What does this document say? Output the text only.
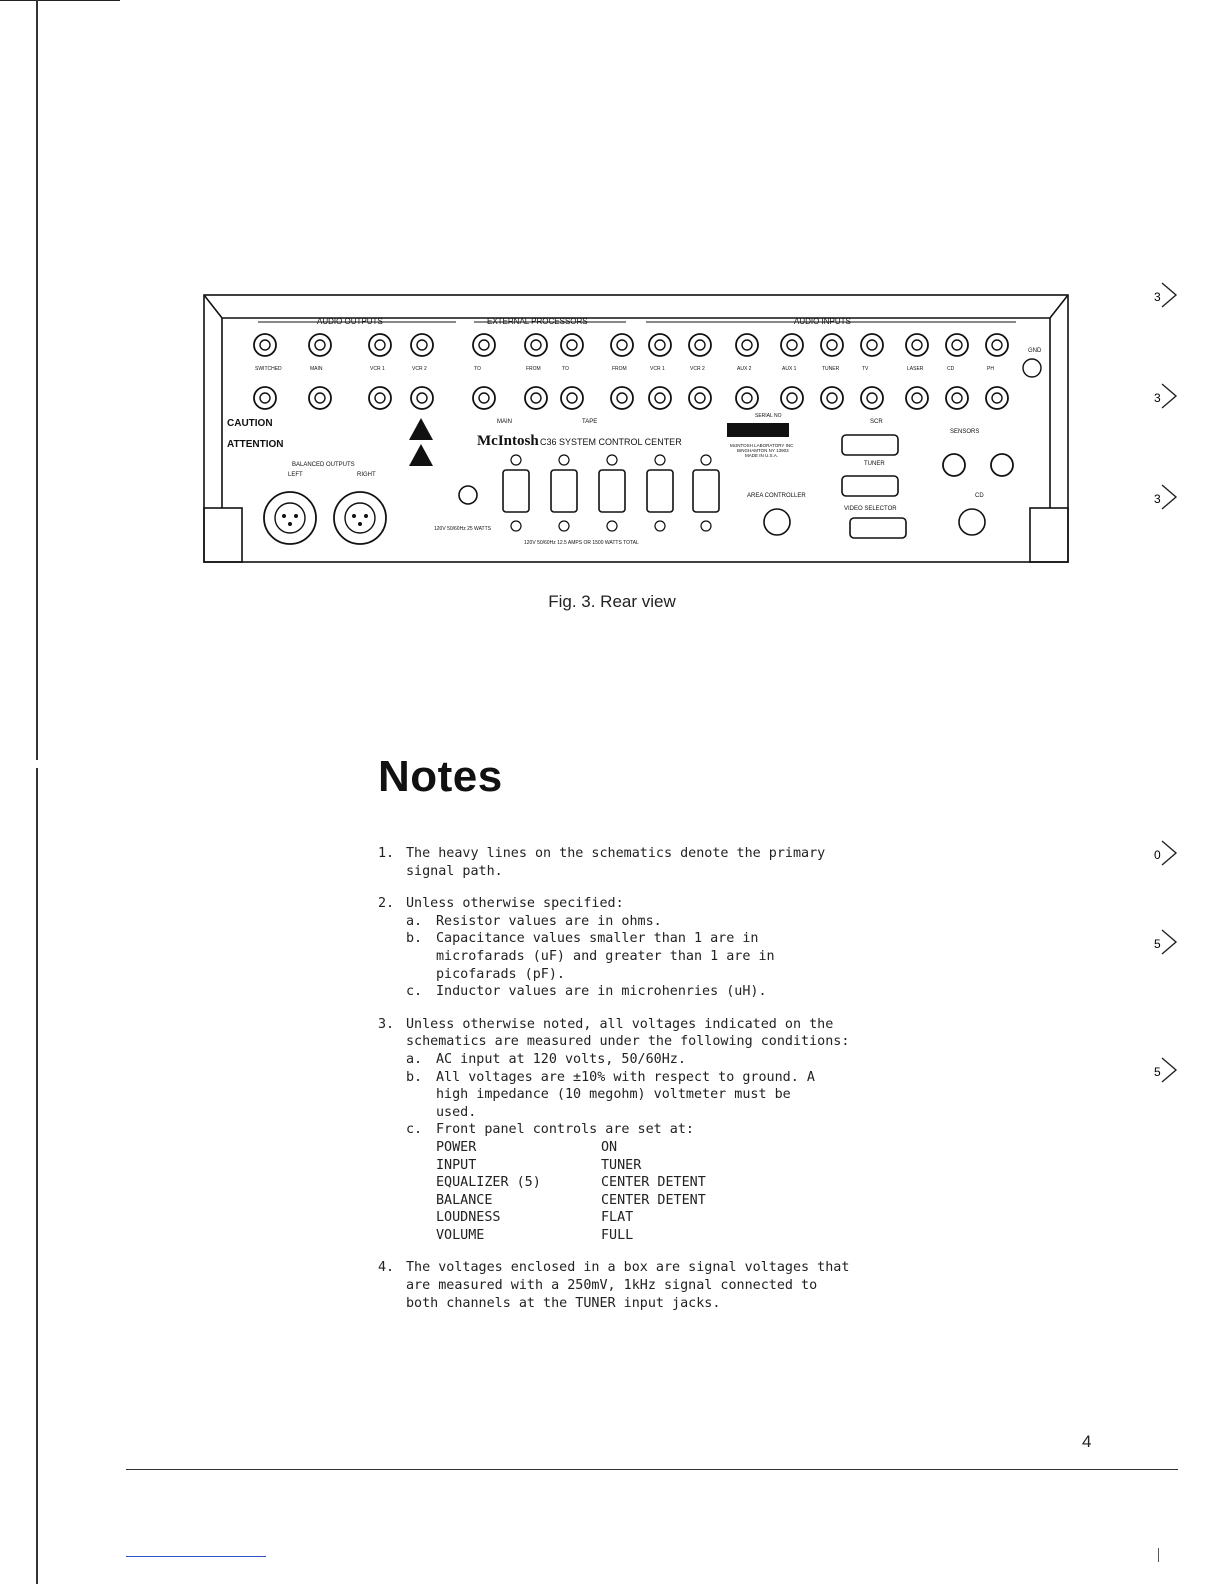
AUDIO OUTPUTS	EXTERNAL PROCESSORS	AUDIO INPUTS
MAIN	TAPE
BALANCED OUTPUTS
LEFT	RIGHT
SENSORS
AREA CONTROLLER
VIDEO SELECTOR
TUNER
SCR
CD
GND
SERIAL NO
McIntosh C36 SYSTEM CONTROL CENTER
CAUTION
ATTENTION
120V 50/60Hz 12.5 AMPS OR 1500 WATTS TOTAL
120V 50/60Hz 25 WATTS
McINTOSH LABORATORY INC
BINGHAMTON NY 13903
MADE IN U.S.A.
SWITCHED	MAIN	VCR 1	VCR 2	TO	FROM	TO	FROM	VCR 1	VCR 2	AUX 2	AUX 1	TUNER	TV	LASER	CD	PH
Fig. 3. Rear view
Notes
1. The heavy lines on the schematics denote the primary

signal path.

2. Unless otherwise specified:

a.	Resistor values are in ohms.

b.	Capacitance values smaller than 1 are in

microfarads (uF) and greater than 1 are in

picofarads (pF).

c.	Inductor values are in microhenries (uH).

3. Unless otherwise noted, all voltages indicated on the

schematics are measured under the following conditions:

a.	AC input at 120 volts, 50/60Hz.

b.	All voltages are ±10% with respect to ground. A

high impedance (10 megohm) voltmeter must be

used.

c.	Front panel controls are set at:

POWER	ON
INPUT	TUNER
EQUALIZER (5)	CENTER DETENT
BALANCE	CENTER DETENT
LOUDNESS	FLAT
VOLUME	FULL
4. The voltages enclosed in a box are signal voltages that

are measured with a 250mV, 1kHz signal connected to

both channels at the TUNER input jacks.

3
3
3
0
5
5
4
